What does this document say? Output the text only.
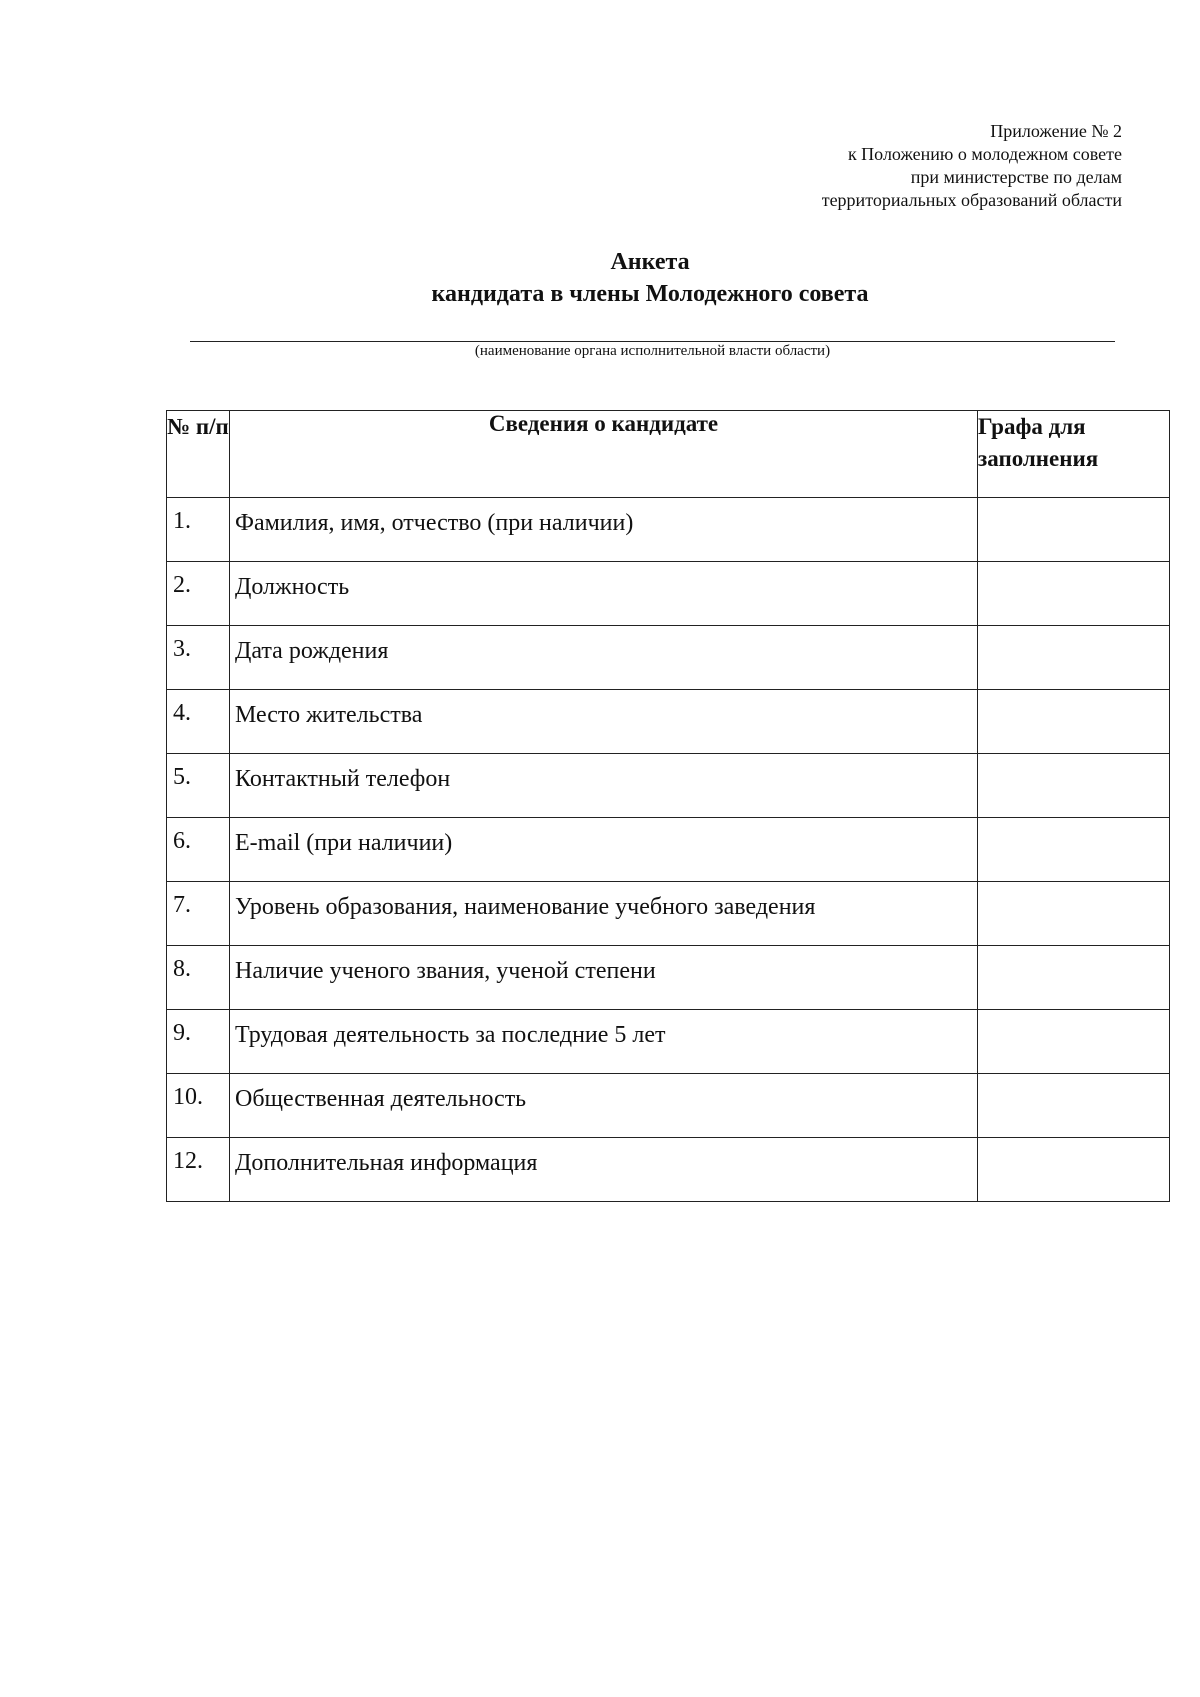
Приложение № 2
к Положению о молодежном совете
при министерстве по делам
территориальных образований области
Анкета
кандидата в члены Молодежного совета
(наименование органа исполнительной власти области)
№ п/п	Сведения о кандидате	Графа для заполнения
1.	Фамилия, имя, отчество (при наличии)	
2.	Должность	
3.	Дата рождения	
4.	Место жительства	
5.	Контактный телефон	
6.	E-mail (при наличии)	
7.	Уровень образования, наименование учебного заведения	
8.	Наличие ученого звания, ученой степени	
9.	Трудовая деятельность за последние 5 лет	
10.	Общественная деятельность	
12.	Дополнительная информация	
